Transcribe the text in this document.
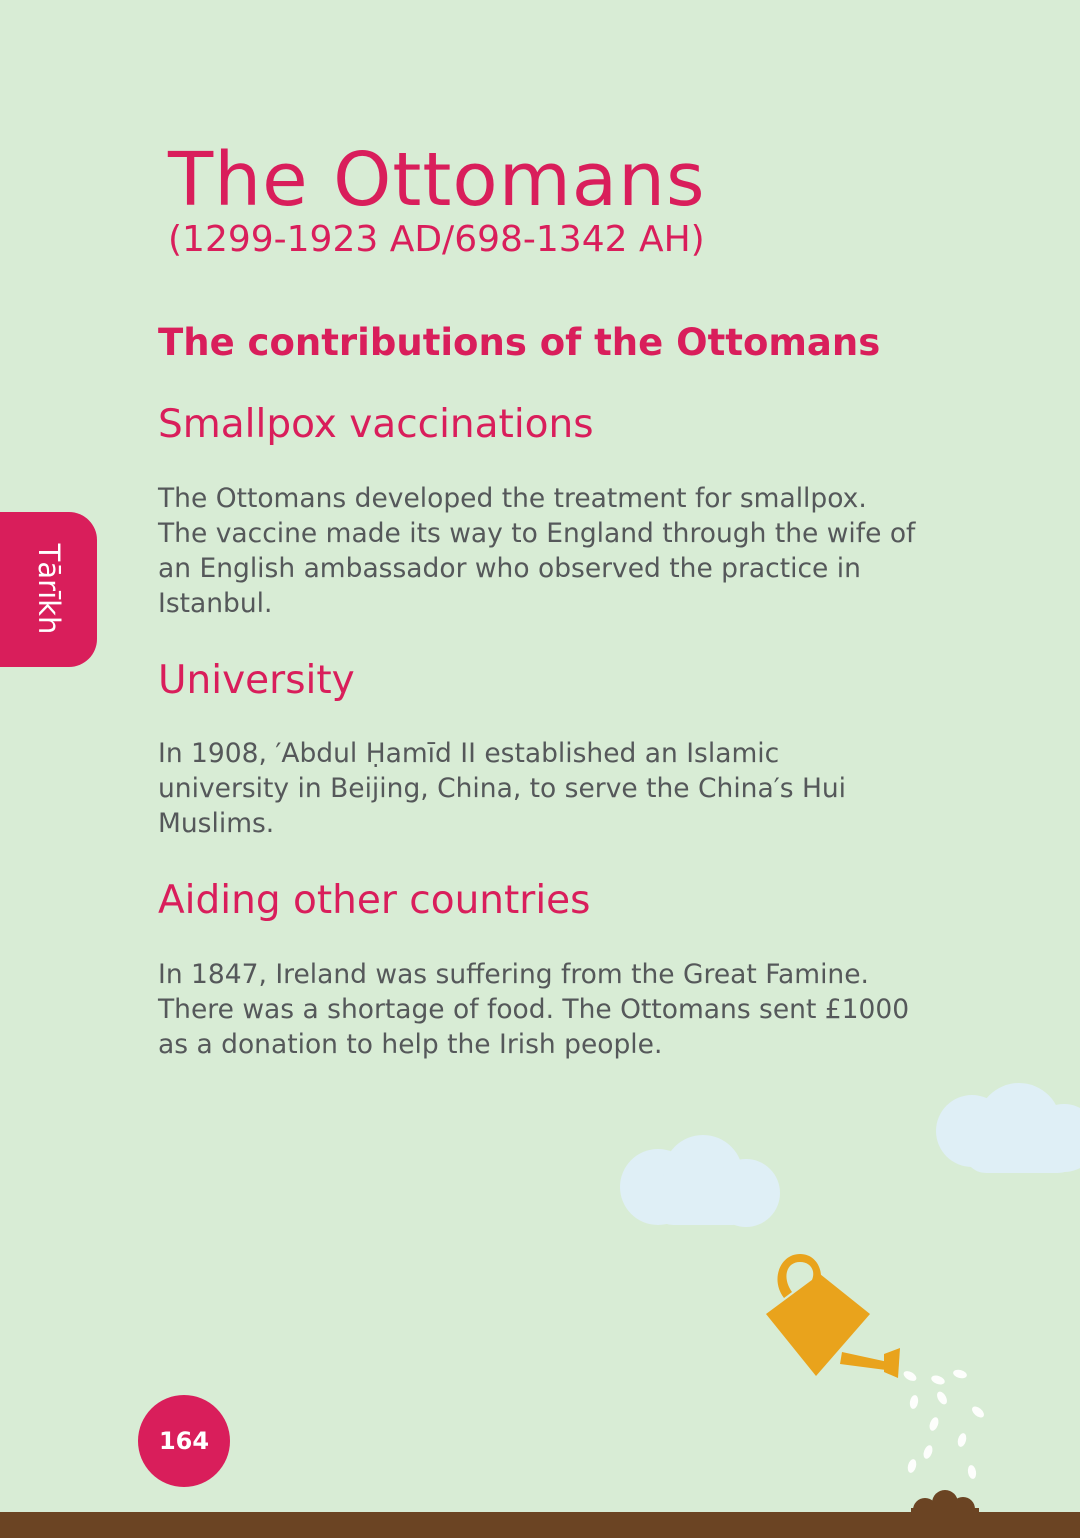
Tārīkh
The Ottomans
(1299-1923 AD/698-1342 AH)
The contributions of the Ottomans
Smallpox vaccinations

The Ottomans developed the treatment for smallpox. The vaccine made its way to England through the wife of an English ambassador who observed the practice in Istanbul.

University

In 1908, ′Abdul Ḥamīd II established an Islamic university in Beijing, China, to serve the China′s Hui Muslims.

Aiding other countries

In 1847, Ireland was suffering from the Great Famine. There was a shortage of food. The Ottomans sent £1000 as a donation to help the Irish people.

164
